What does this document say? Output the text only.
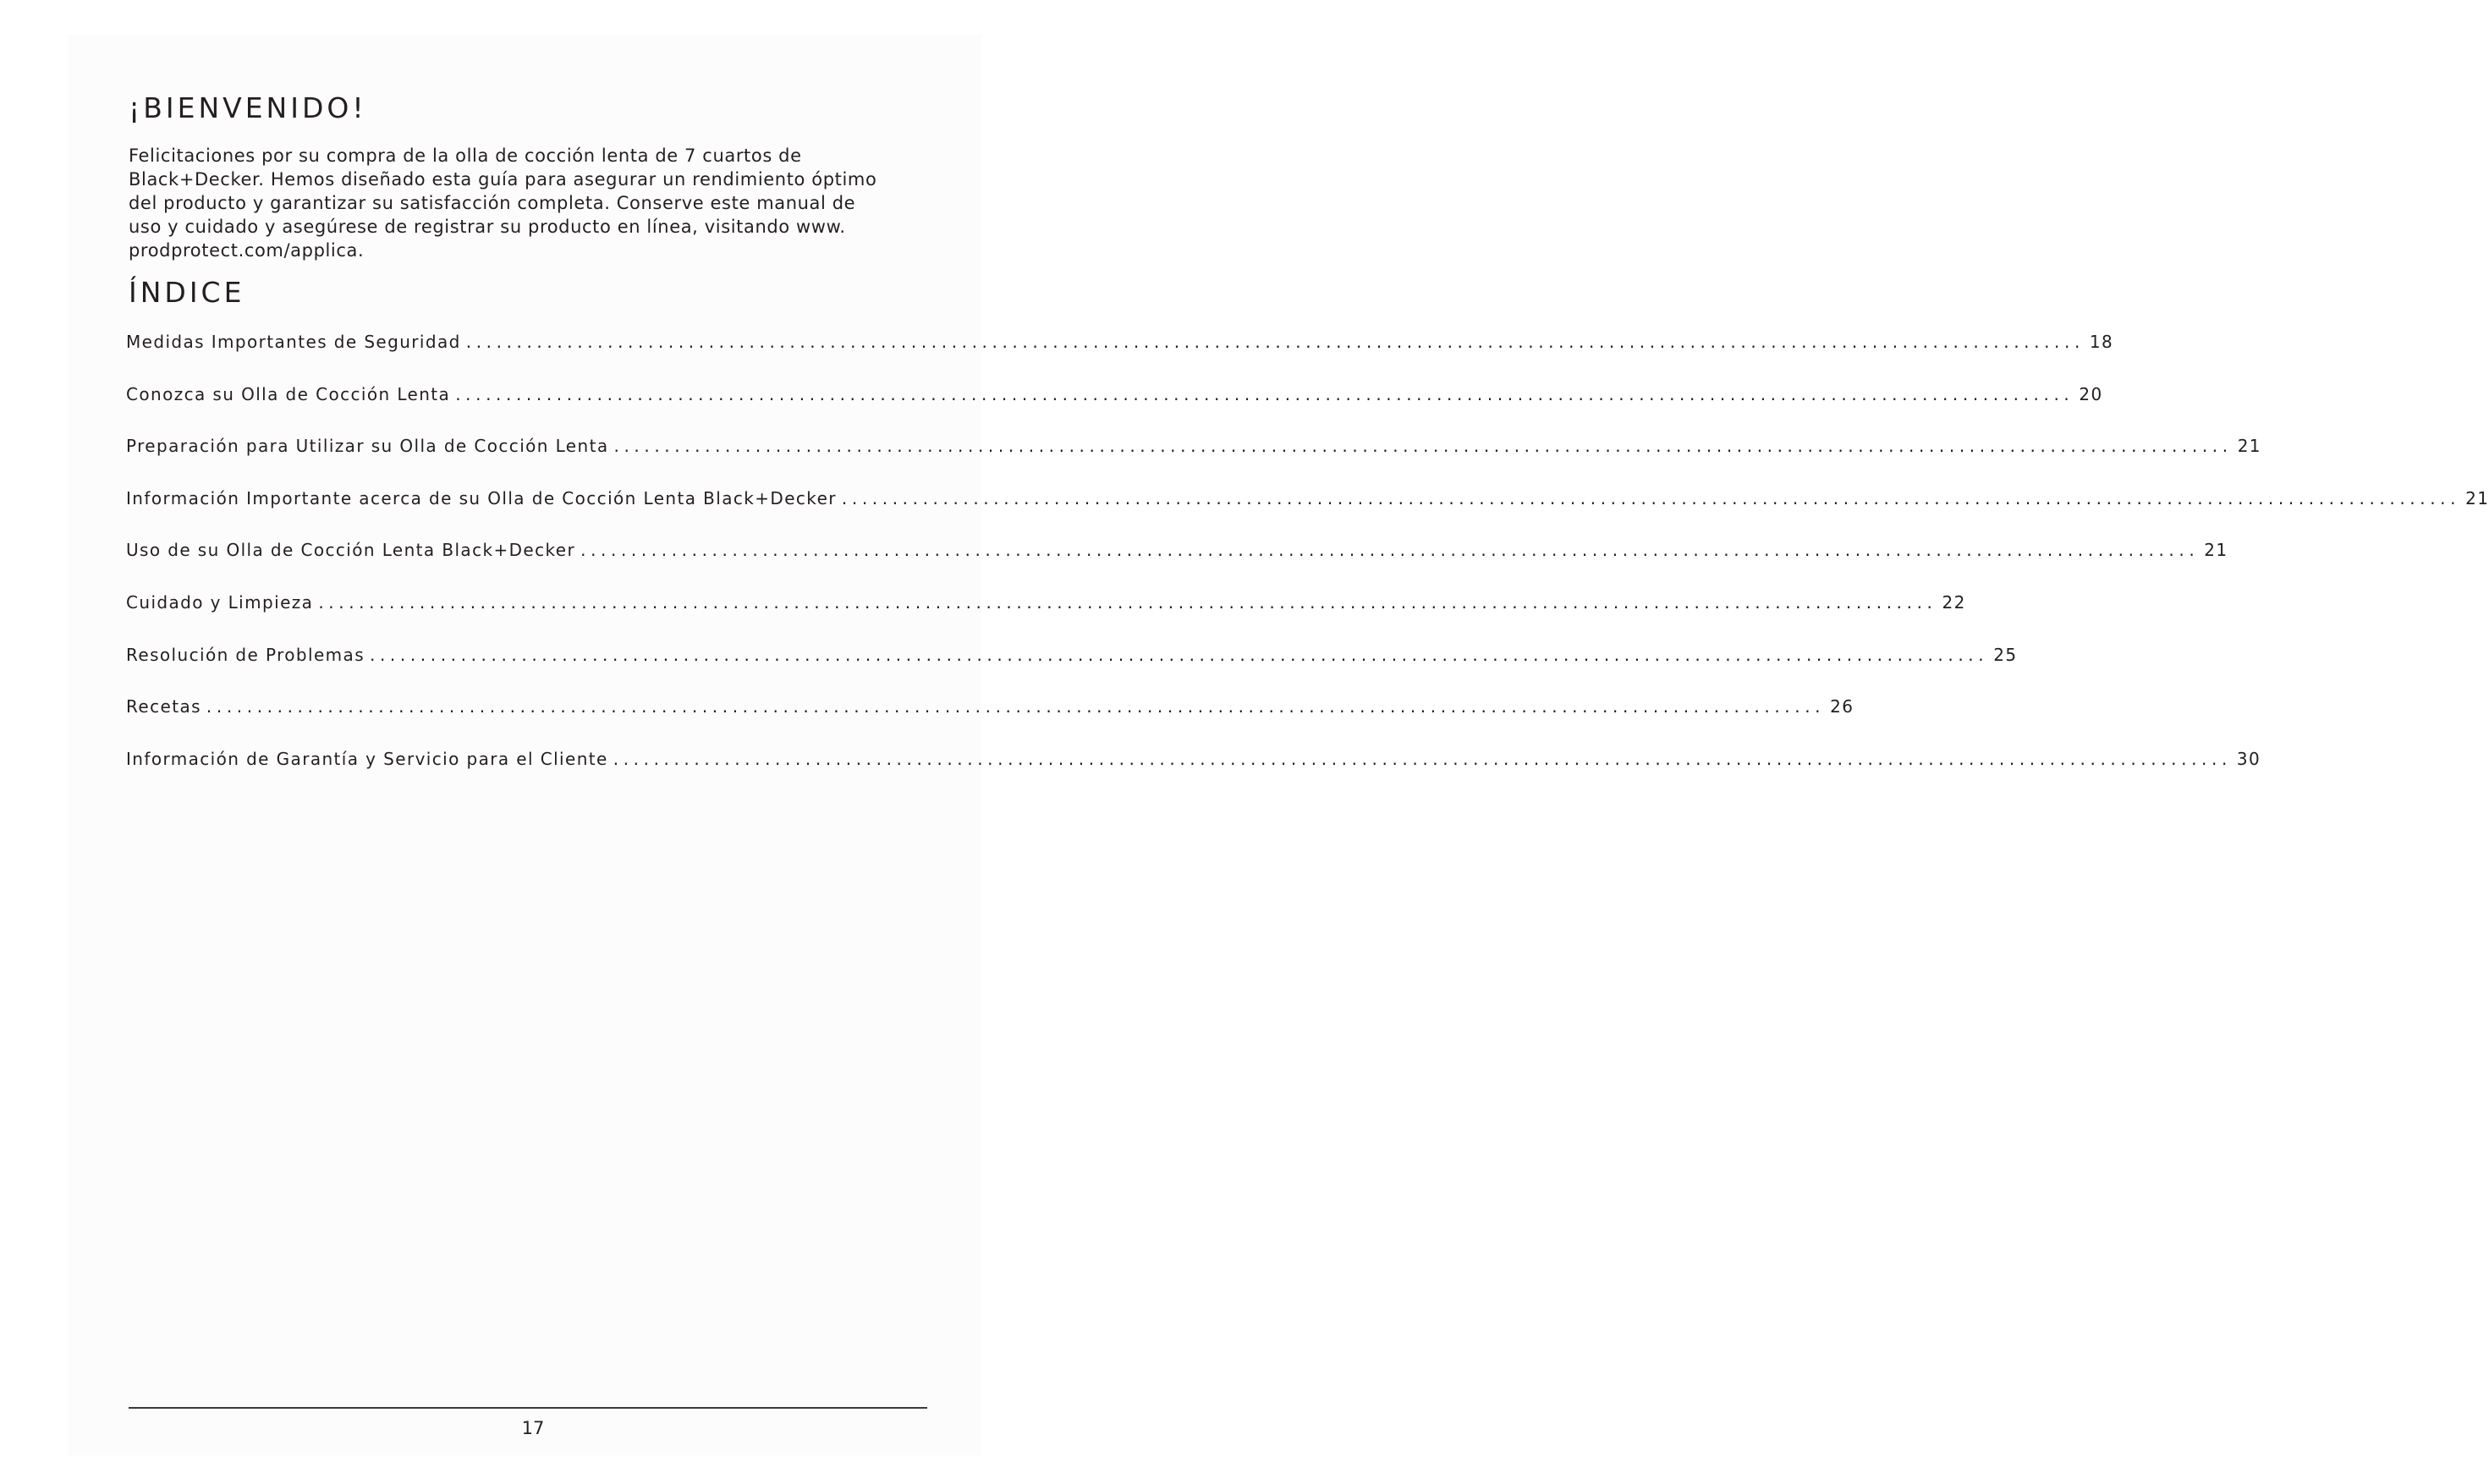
¡BIENVENIDO!

Felicitaciones por su compra de la olla de cocción lenta de 7 cuartos de
Black+Decker. Hemos diseñado esta guía para asegurar un rendimiento óptimo
del producto y garantizar su satisfacción completa. Conserve este manual de
uso y cuidado y asegúrese de registrar su producto en línea, visitando www.
prodprotect.com/applica.

ÍNDICE
Medidas Importantes de Seguridad ................................................................................................................................................................ 18
Conozca su Olla de Cocción Lenta ................................................................................................................................................................ 20
Preparación para Utilizar su Olla de Cocción Lenta ................................................................................................................................................................ 21
Información Importante acerca de su Olla de Cocción Lenta Black+Decker ................................................................................................................................................................ 21
Uso de su Olla de Cocción Lenta Black+Decker ................................................................................................................................................................ 21
Cuidado y Limpieza ................................................................................................................................................................ 22
Resolución de Problemas ................................................................................................................................................................ 25
Recetas ................................................................................................................................................................ 26
Información de Garantía y Servicio para el Cliente ................................................................................................................................................................ 30
17
